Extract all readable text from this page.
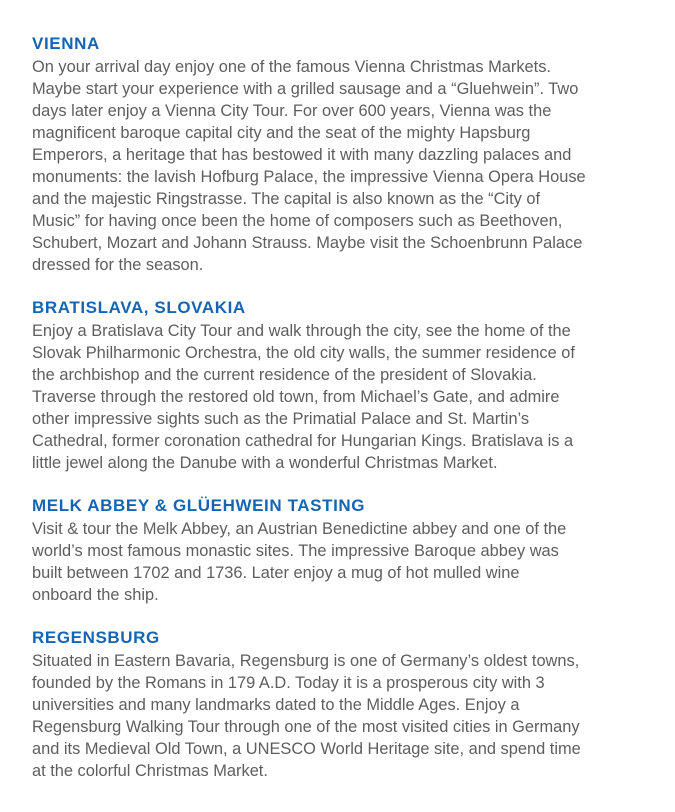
VIENNA
On your arrival day enjoy one of the famous Vienna Christmas Markets.
Maybe start your experience with a grilled sausage and a “Gluehwein”. Two
days later enjoy a Vienna City Tour. For over 600 years, Vienna was the
magnificent baroque capital city and the seat of the mighty Hapsburg
Emperors, a heritage that has bestowed it with many dazzling palaces and
monuments: the lavish Hofburg Palace, the impressive Vienna Opera House
and the majestic Ringstrasse. The capital is also known as the “City of
Music” for having once been the home of composers such as Beethoven,
Schubert, Mozart and Johann Strauss. Maybe visit the Schoenbrunn Palace
dressed for the season.
BRATISLAVA, SLOVAKIA
Enjoy a Bratislava City Tour and walk through the city, see the home of the
Slovak Philharmonic Orchestra, the old city walls, the summer residence of
the archbishop and the current residence of the president of Slovakia.
Traverse through the restored old town, from Michael’s Gate, and admire
other impressive sights such as the Primatial Palace and St. Martin’s
Cathedral, former coronation cathedral for Hungarian Kings. Bratislava is a
little jewel along the Danube with a wonderful Christmas Market.
MELK ABBEY & GLÜEHWEIN TASTING
Visit & tour the Melk Abbey, an Austrian Benedictine abbey and one of the
world’s most famous monastic sites. The impressive Baroque abbey was
built between 1702 and 1736. Later enjoy a mug of hot mulled wine
onboard the ship.
REGENSBURG
Situated in Eastern Bavaria, Regensburg is one of Germany’s oldest towns,
founded by the Romans in 179 A.D. Today it is a prosperous city with 3
universities and many landmarks dated to the Middle Ages. Enjoy a
Regensburg Walking Tour through one of the most visited cities in Germany
and its Medieval Old Town, a UNESCO World Heritage site, and spend time
at the colorful Christmas Market.
